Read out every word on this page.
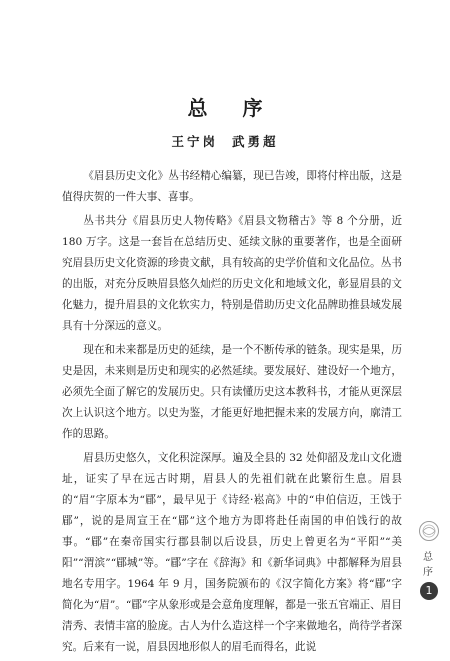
总 序
王宁岗 武勇超

《眉县历史文化》丛书经精心编纂，现已告竣，即将付梓出版，这是值得庆贺的一件大事、喜事。

丛书共分《眉县历史人物传略》《眉县文物稽古》等 8 个分册，近 180 万字。这是一套旨在总结历史、延续文脉的重要著作，也是全面研究眉县历史文化资源的珍贵文献，具有较高的史学价值和文化品位。丛书的出版，对充分反映眉县悠久灿烂的历史文化和地域文化，彰显眉县的文化魅力，提升眉县的文化软实力，特别是借助历史文化品牌助推县域发展具有十分深远的意义。

现在和未来都是历史的延续，是一个不断传承的链条。现实是果，历史是因，未来则是历史和现实的必然延续。要发展好、建设好一个地方，必须先全面了解它的发展历史。只有读懂历史这本教科书，才能从更深层次上认识这个地方。以史为鉴，才能更好地把握未来的发展方向，廓清工作的思路。

眉县历史悠久，文化积淀深厚。遍及全县的 32 处仰韶及龙山文化遗址，证实了早在远古时期，眉县人的先祖们就在此繁衍生息。眉县的“眉”字原本为“郿”，最早见于《诗经·崧高》中的“申伯信迈，王饯于郿”，说的是周宣王在“郿”这个地方为即将赴任南国的申伯饯行的故事。“郿”在秦帝国实行郡县制以后设县，历史上曾更名为“平阳”“美阳”“渭滨”“郿城”等。“郿”字在《辞海》和《新华词典》中都解释为眉县地名专用字。1964 年 9 月，国务院颁布的《汉字简化方案》将“郿”字简化为“眉”。“郿”字从象形或是会意角度理解，都是一张五官端正、眉目清秀、表情丰富的脸庞。古人为什么造这样一个字来做地名，尚待学者深究。后来有一说，眉县因地形似人的眉毛而得名，此说

总 序
1
